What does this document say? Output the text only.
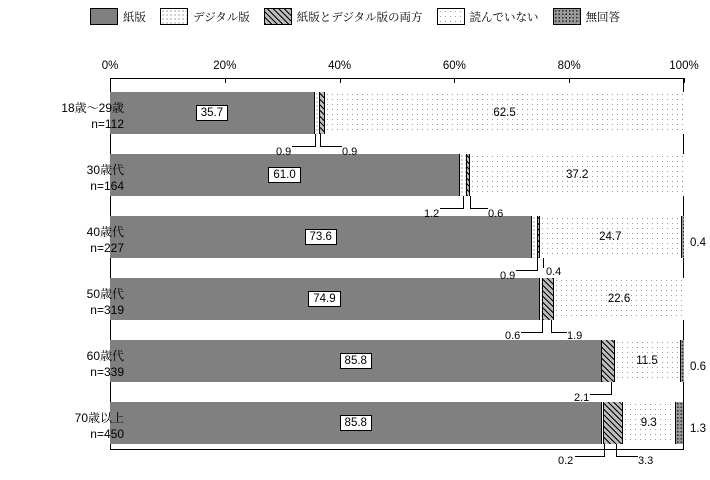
紙版	デジタル版	紙版とデジタル版の両方	読んでいない	無回答
0%	20%	40%	60%	80%	100%
35.7	62.5
61.0	37.2
73.6	24.7
74.9	22.6
85.8	11.5
85.8	9.3
18歳～29歳
n=112
30歳代
n=164
40歳代
n=227
50歳代
n=319
60歳代
n=339
70歳以上
n=450
0.4
0.6
1.3
0.9	0.9
1.2	0.6
0.9	0.4
0.6	1.9
2.1
0.2	3.3
